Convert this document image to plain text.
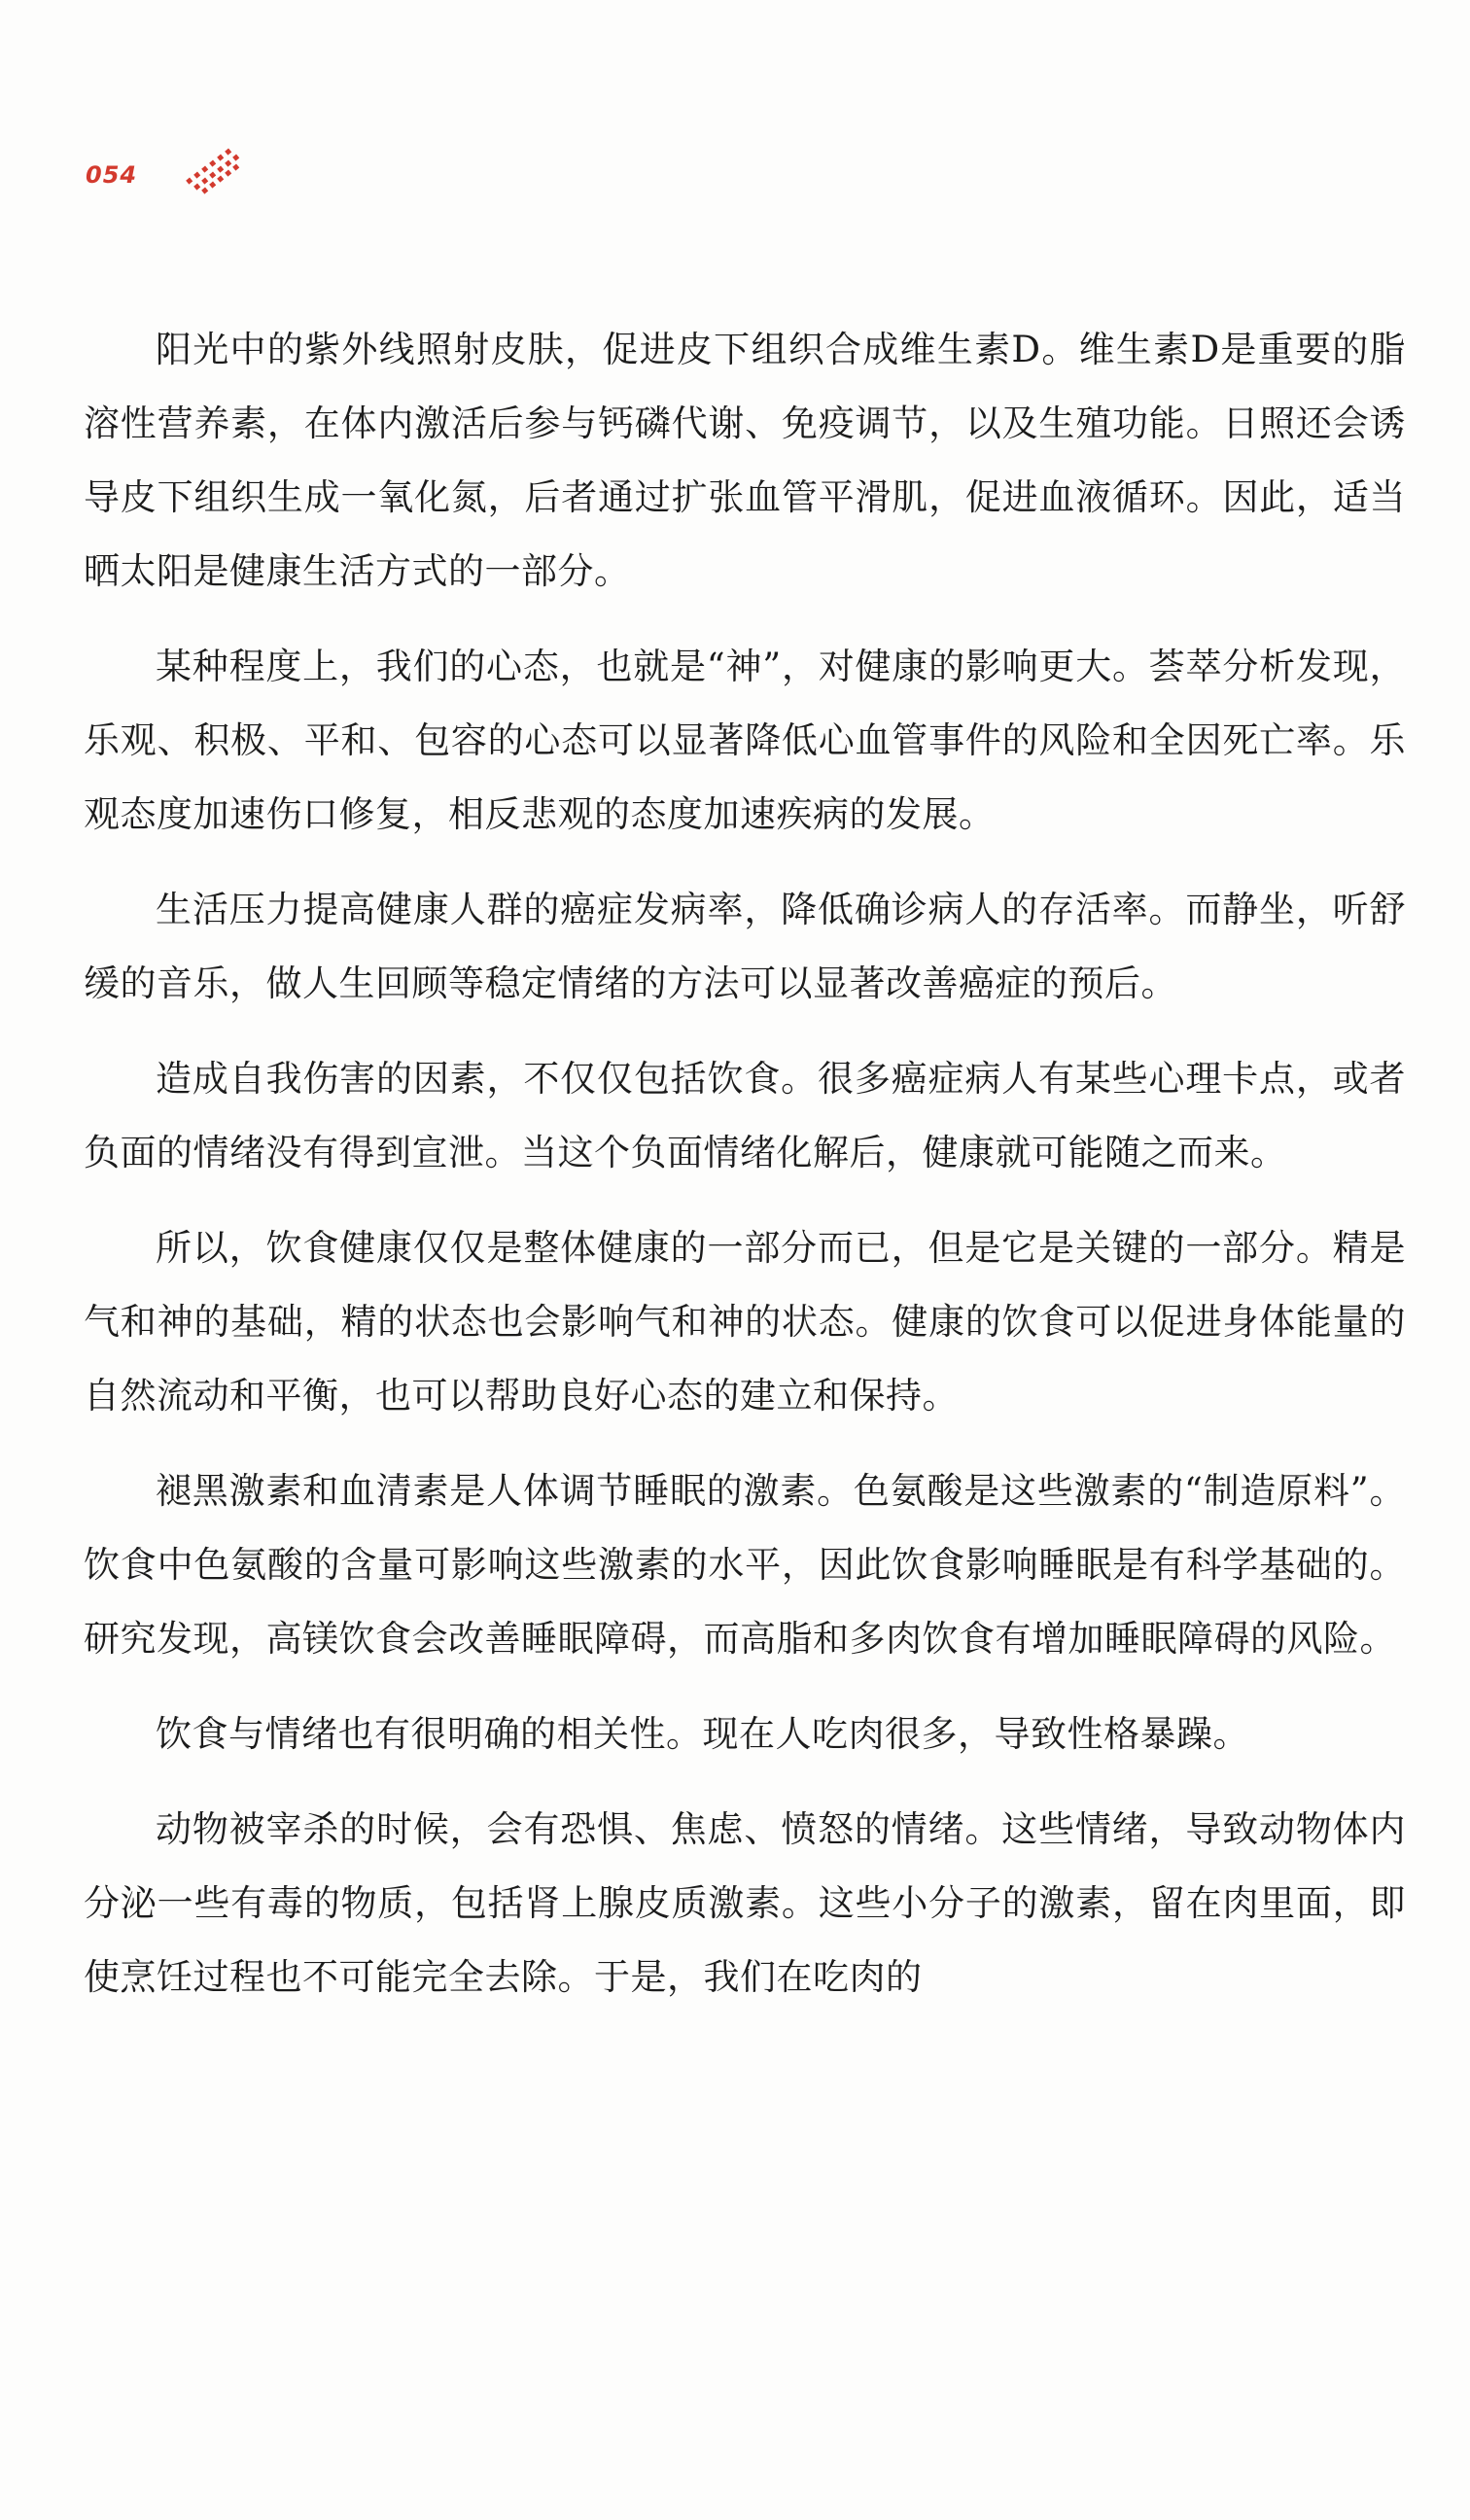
054

阳光中的紫外线照射皮肤，促进皮下组织合成维生素D。维生素D是重要的脂溶性营养素，在体内激活后参与钙磷代谢、免疫调节，以及生殖功能。日照还会诱导皮下组织生成一氧化氮，后者通过扩张血管平滑肌，促进血液循环。因此，适当晒太阳是健康生活方式的一部分。

某种程度上，我们的心态，也就是“神”，对健康的影响更大。荟萃分析发现，乐观、积极、平和、包容的心态可以显著降低心血管事件的风险和全因死亡率。乐观态度加速伤口修复，相反悲观的态度加速疾病的发展。

生活压力提高健康人群的癌症发病率，降低确诊病人的存活率。而静坐，听舒缓的音乐，做人生回顾等稳定情绪的方法可以显著改善癌症的预后。

造成自我伤害的因素，不仅仅包括饮食。很多癌症病人有某些心理卡点，或者负面的情绪没有得到宣泄。当这个负面情绪化解后，健康就可能随之而来。

所以，饮食健康仅仅是整体健康的一部分而已，但是它是关键的一部分。精是气和神的基础，精的状态也会影响气和神的状态。健康的饮食可以促进身体能量的自然流动和平衡，也可以帮助良好心态的建立和保持。

褪黑激素和血清素是人体调节睡眠的激素。色氨酸是这些激素的“制造原料”。饮食中色氨酸的含量可影响这些激素的水平，因此饮食影响睡眠是有科学基础的。研究发现，高镁饮食会改善睡眠障碍，而高脂和多肉饮食有增加睡眠障碍的风险。

饮食与情绪也有很明确的相关性。现在人吃肉很多，导致性格暴躁。

动物被宰杀的时候，会有恐惧、焦虑、愤怒的情绪。这些情绪，导致动物体内分泌一些有毒的物质，包括肾上腺皮质激素。这些小分子的激素，留在肉里面，即使烹饪过程也不可能完全去除。于是，我们在吃肉的
